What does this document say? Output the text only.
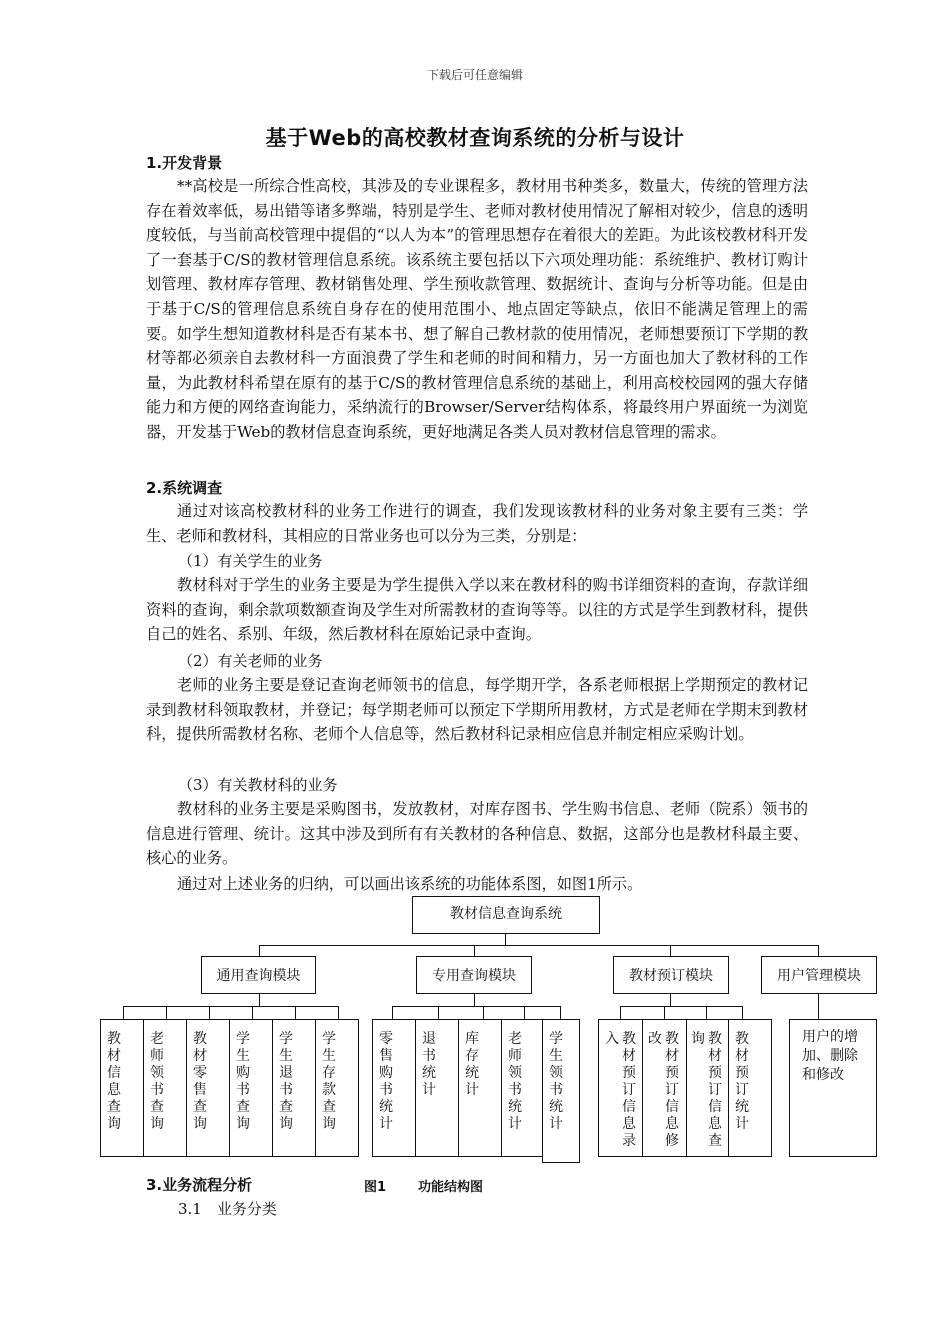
下载后可任意编辑
基于Web的高校教材查询系统的分析与设计
1.开发背景

**高校是一所综合性高校，其涉及的专业课程多，教材用书种类多，数量大，传统的管理方法存在着效率低，易出错等诸多弊端，特别是学生、老师对教材使用情况了解相对较少，信息的透明度较低，与当前高校管理中提倡的“以人为本”的管理思想存在着很大的差距。为此该校教材科开发了一套基于C/S的教材管理信息系统。该系统主要包括以下六项处理功能：系统维护、教材订购计划管理、教材库存管理、教材销售处理、学生预收款管理、数据统计、查询与分析等功能。但是由于基于C/S的管理信息系统自身存在的使用范围小、地点固定等缺点，依旧不能满足管理上的需要。如学生想知道教材科是否有某本书、想了解自己教材款的使用情况，老师想要预订下学期的教材等都必须亲自去教材科一方面浪费了学生和老师的时间和精力，另一方面也加大了教材科的工作量，为此教材科希望在原有的基于C/S的教材管理信息系统的基础上，利用高校校园网的强大存储能力和方便的网络查询能力，采纳流行的Browser/Server结构体系，将最终用户界面统一为浏览器，开发基于Web的教材信息查询系统，更好地满足各类人员对教材信息管理的需求。

2.系统调查

通过对该高校教材科的业务工作进行的调查，我们发现该教材科的业务对象主要有三类：学生、老师和教材科，其相应的日常业务也可以分为三类，分别是：

（1）有关学生的业务

教材科对于学生的业务主要是为学生提供入学以来在教材科的购书详细资料的查询，存款详细资料的查询，剩余款项数额查询及学生对所需教材的查询等等。以往的方式是学生到教材科，提供自己的姓名、系别、年级，然后教材科在原始记录中查询。

（2）有关老师的业务

老师的业务主要是登记查询老师领书的信息，每学期开学，各系老师根据上学期预定的教材记录到教材科领取教材，并登记；每学期老师可以预定下学期所用教材，方式是老师在学期末到教材科，提供所需教材名称、老师个人信息等，然后教材科记录相应信息并制定相应采购计划。

（3）有关教材科的业务

教材科的业务主要是采购图书，发放教材，对库存图书、学生购书信息、老师（院系）领书的信息进行管理、统计。这其中涉及到所有有关教材的各种信息、数据，这部分也是教材科最主要、核心的业务。

通过对上述业务的归纳，可以画出该系统的功能体系图，如图1所示。

教材信息查询系统
通用查询模块	专用查询模块	教材预订模块	用户管理模块
教材信息查询
老师领书查询
教材零售查询
学生购书查询
学生退书查询
学生存款查询
零售购书统计
退书统计
库存统计
老师领书统计
学生领书统计
入 教材预订信息录
改 教材预订信息修
询 教材预订信息查
教材预订统计
用户的增加、删除和修改
3.业务流程分析	图1 功能结构图
3.1　业务分类
